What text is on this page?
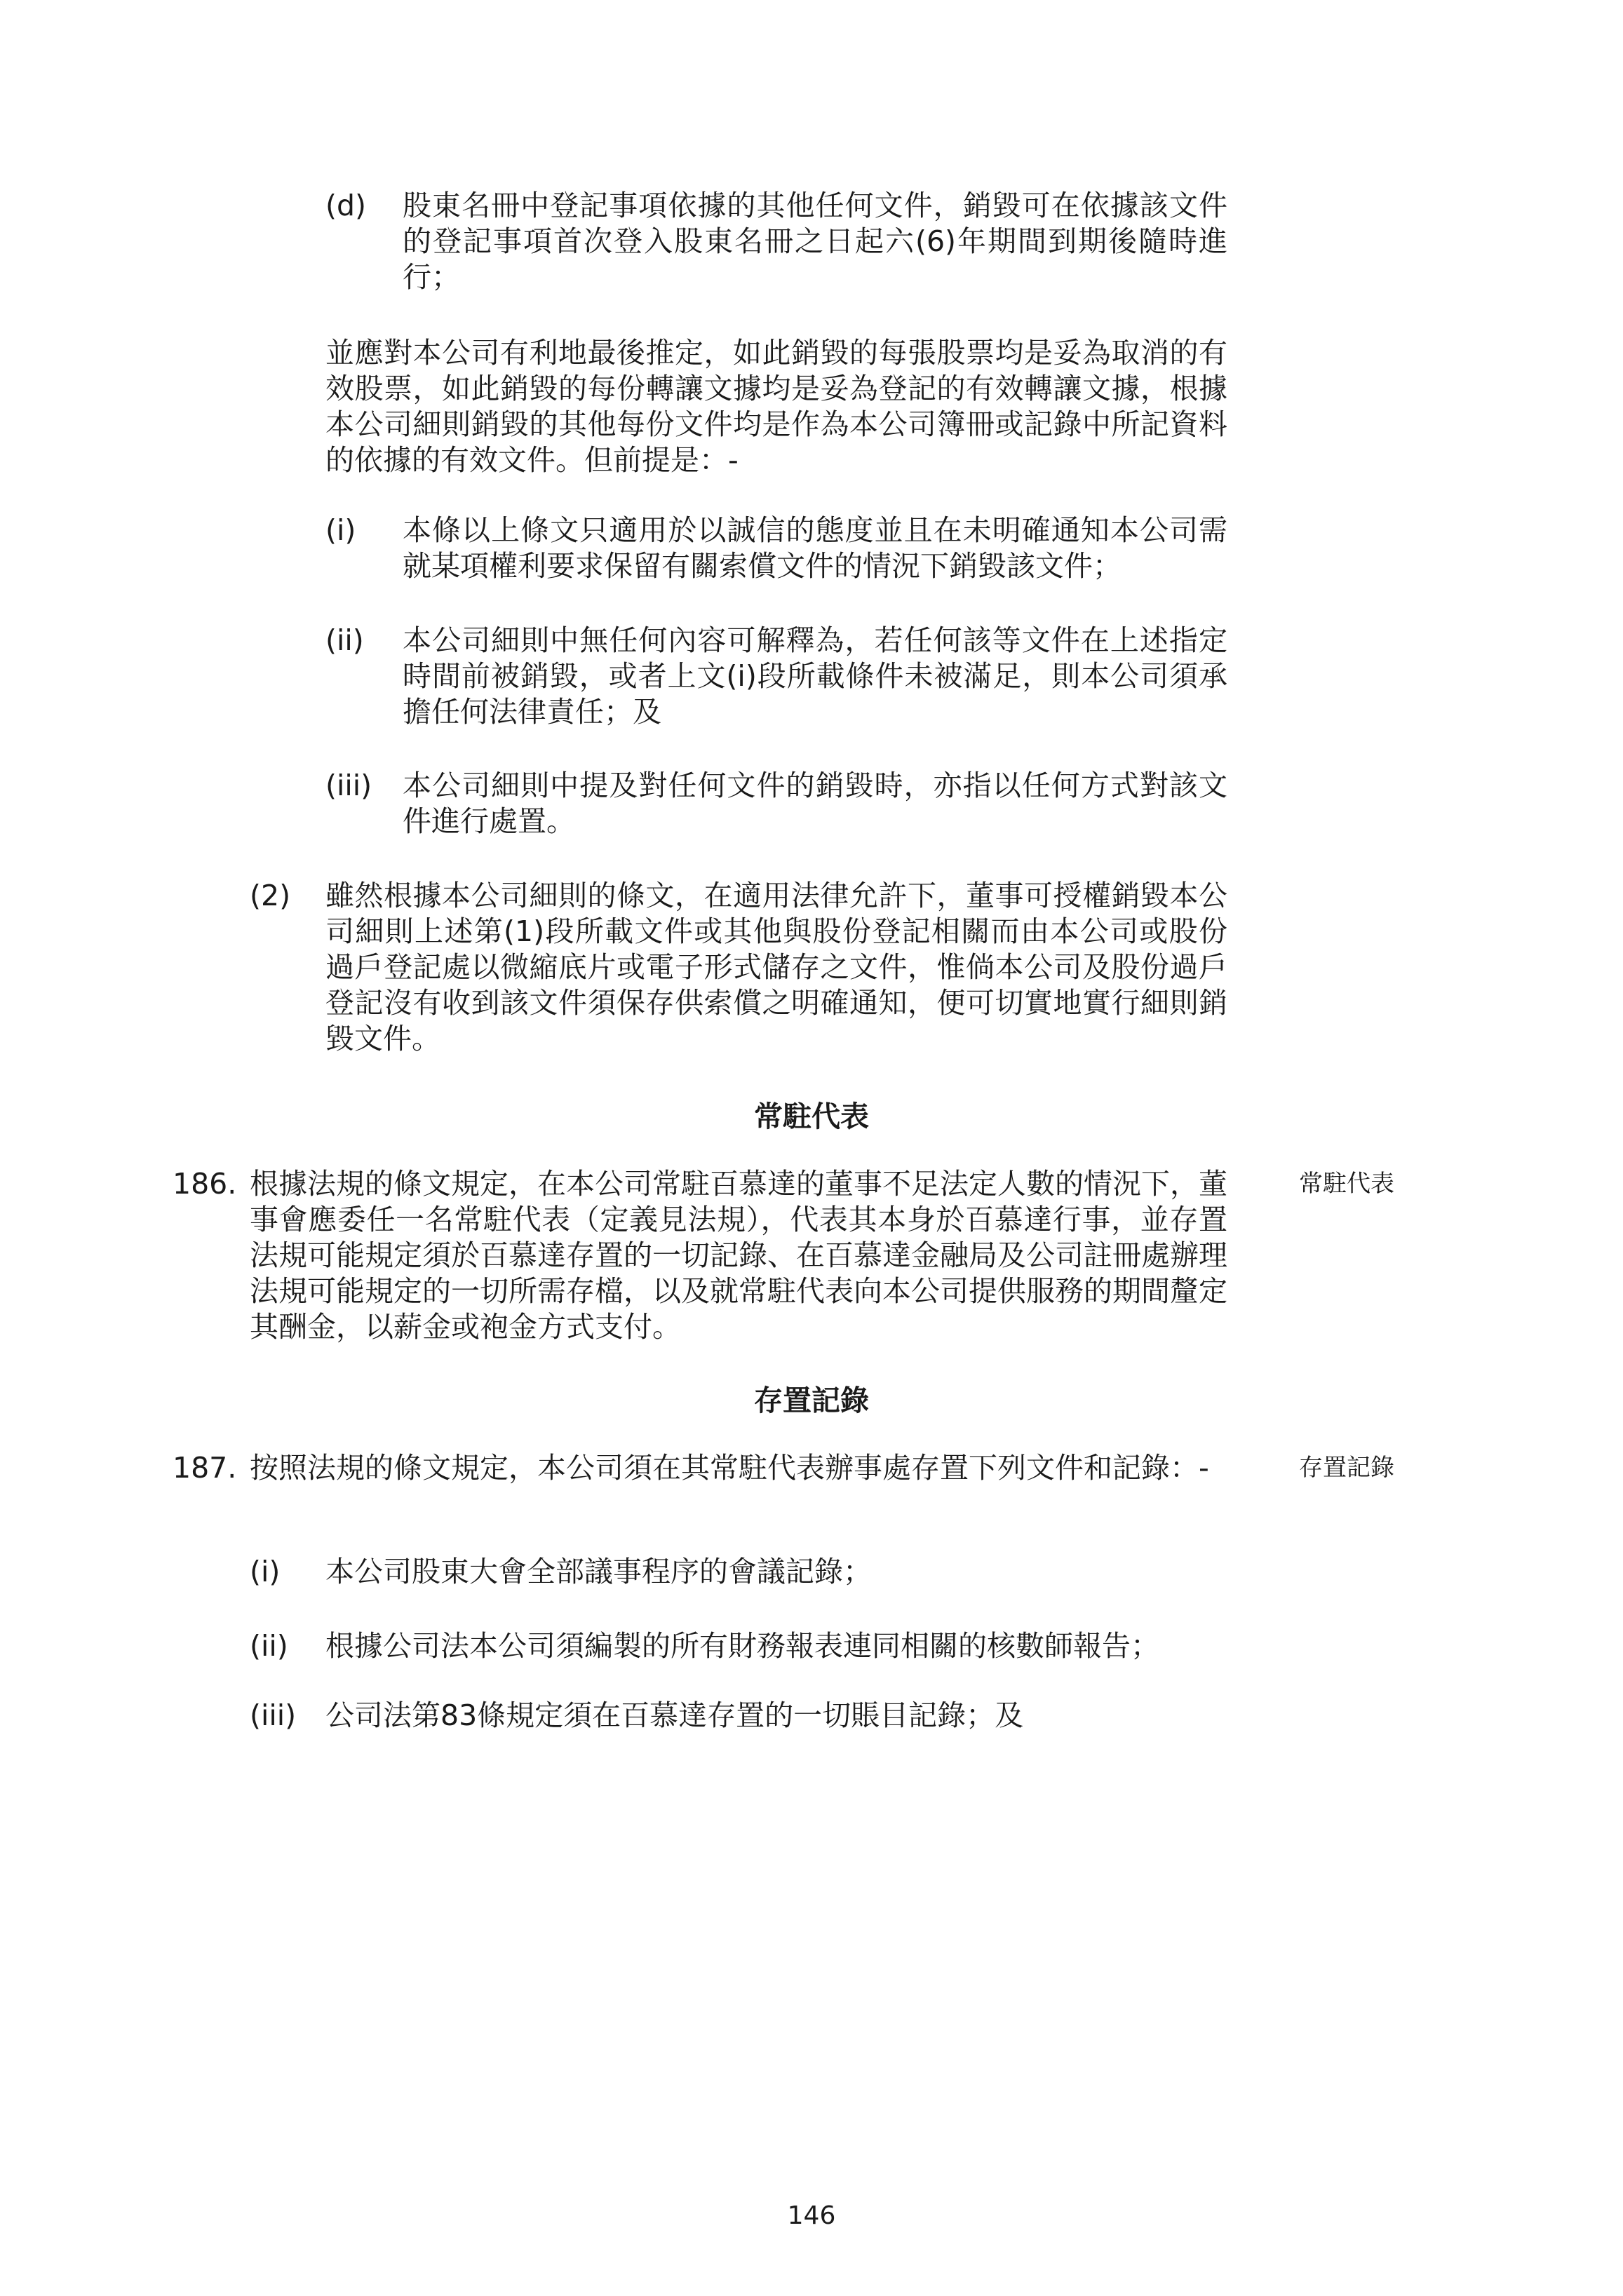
(d) 股東名冊中登記事項依據的其他任何文件，銷毀可在依據該文件的登記事項首次登入股東名冊之日起六(6)年期間到期後隨時進行；
並應對本公司有利地最後推定，如此銷毀的每張股票均是妥為取消的有效股票，如此銷毀的每份轉讓文據均是妥為登記的有效轉讓文據，根據本公司細則銷毀的其他每份文件均是作為本公司簿冊或記錄中所記資料的依據的有效文件。但前提是：-
(i) 本條以上條文只適用於以誠信的態度並且在未明確通知本公司需就某項權利要求保留有關索償文件的情況下銷毀該文件；
(ii) 本公司細則中無任何內容可解釋為，若任何該等文件在上述指定時間前被銷毀，或者上文(i)段所載條件未被滿足，則本公司須承擔任何法律責任；及
(iii) 本公司細則中提及對任何文件的銷毀時，亦指以任何方式對該文件進行處置。
(2) 雖然根據本公司細則的條文，在適用法律允許下，董事可授權銷毀本公司細則上述第(1)段所載文件或其他與股份登記相關而由本公司或股份過戶登記處以微縮底片或電子形式儲存之文件，惟倘本公司及股份過戶登記沒有收到該文件須保存供索償之明確通知，便可切實地實行細則銷毀文件。
常駐代表
186. 根據法規的條文規定，在本公司常駐百慕達的董事不足法定人數的情況下，董事會應委任一名常駐代表（定義見法規），代表其本身於百慕達行事，並存置法規可能規定須於百慕達存置的一切記錄、在百慕達金融局及公司註冊處辦理法規可能規定的一切所需存檔，以及就常駐代表向本公司提供服務的期間釐定其酬金，以薪金或袍金方式支付。
常駐代表
存置記錄
187. 按照法規的條文規定，本公司須在其常駐代表辦事處存置下列文件和記錄：-	存置記錄
(i) 本公司股東大會全部議事程序的會議記錄；
(ii) 根據公司法本公司須編製的所有財務報表連同相關的核數師報告；
(iii) 公司法第83條規定須在百慕達存置的一切賬目記錄；及
146
